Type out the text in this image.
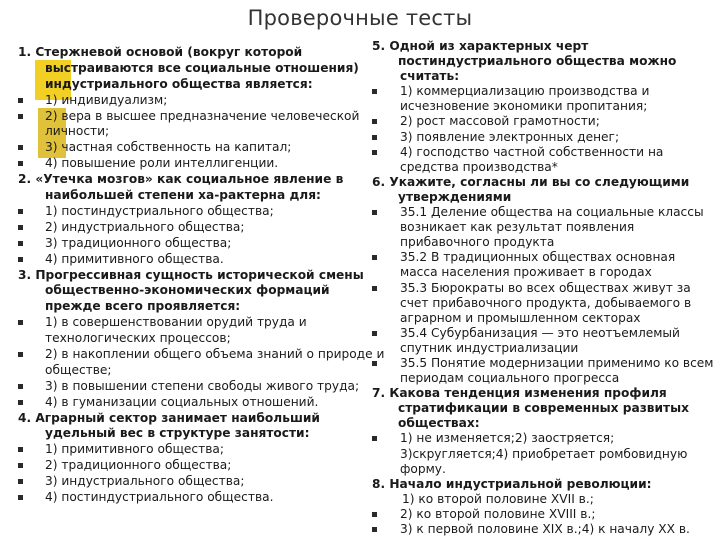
Проверочные тесты
1. Стержневой основой (вокруг которой
выстраиваются все социальные отношения)
индустриального общества является:
1) индивидуализм;
2) вера в высшее предназначение человеческой
личности;
3) частная собственность на капитал;
4) повышение роли интеллигенции.
2. «Утечка мозгов» как социальное явление в
наибольшей степени ха-рактерна для:
1) постиндустриального общества;
2) индустриального общества;
3) традиционного общества;
4) примитивного общества.
3. Прогрессивная сущность исторической смены
общественно-экономических формаций
прежде всего проявляется:
1) в совершенствовании орудий труда и
технологических процессов;
2) в накоплении общего объема знаний о природе и
обществе;
3) в повышении степени свободы живого труда;
4) в гуманизации социальных отношений.
4. Аграрный сектор занимает наибольший
удельный вес в структуре занятости:
1) примитивного общества;
2) традиционного общества;
3) индустриального общества;
4) постиндустриального общества.
5. Одной из характерных черт
постиндустриального общества можно
считать:
1) коммерциализацию производства и
исчезновение экономики пропитания;
2) рост массовой грамотности;
3) появление электронных денег;
4) господство частной собственности на
средства производства*
6. Укажите, согласны ли вы со следующими
утверждениями
35.1 Деление общества на социальные классы
возникает как результат появления
прибавочного продукта
35.2 В традиционных обществах основная
масса населения проживает в городах
35.3 Бюрократы во всех обществах живут за
счет прибавочного продукта, добываемого в
аграрном и промышленном секторах
35.4 Субурбанизация — это неотъемлемый
спутник индустриализации
35.5 Понятие модернизации применимо ко всем
периодам социального прогресса
7. Какова тенденция изменения профиля
стратификации в современных развитых
обществах:
1) не изменяется;2) заостряется;
3)скругляется;4) приобретает ромбовидную
форму.
8. Начало индустриальной революции:
1) ко второй половине XVII в.;
2) ко второй половине XVIII в.;
3) к первой половине XIX в.;4) к началу XX в.
